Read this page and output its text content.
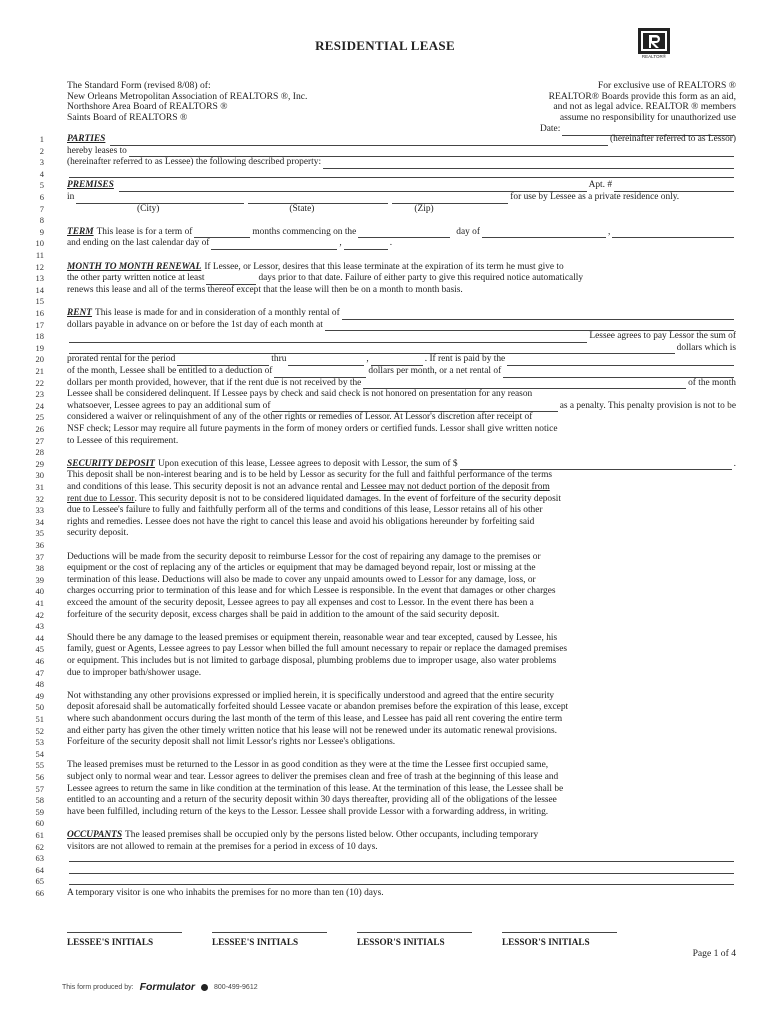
RESIDENTIAL LEASE
REALTOR®
The Standard Form (revised 8/08) of:
New Orleans Metropolitan Association of REALTORS ®, Inc.
Northshore Area Board of REALTORS ®
Saints Board of REALTORS ®
For exclusive use of REALTORS ®
REALTOR® Boards provide this form as an aid,
and not as legal advice. REALTOR ® members
assume no responsibility for unauthorized use
Date:
1 PARTIES	(hereinafter referred to as Lessor)
2 hereby leases to
3 (hereinafter referred to as Lessee) the following described property:
4
5 PREMISES	Apt. #
6 in	for use by Lessee as a private residence only.
7	(City)	(State)	(Zip)
8
9 TERM This lease is for a term of	months commencing on the	day of	,
10 and ending on the last calendar day of	,	.
11
12 MONTH TO MONTH RENEWAL If Lessee, or Lessor, desires that this lease terminate at the expiration of its term he must give to
13 the other party written notice at least	days prior to that date. Failure of either party to give this required notice automatically
14 renews this lease and all of the terms thereof except that the lease will then be on a month to month basis.
15
16 RENT This lease is made for and in consideration of a monthly rental of
17 dollars payable in advance on or before the 1st day of each month at
18	Lessee agrees to pay Lessor the sum of
19	dollars which is
20 prorated rental for the period	thru	,	. If rent is paid by the
21 of the month, Lessee shall be entitled to a deduction of	dollars per month, or a net rental of
22 dollars per month provided, however, that if the rent due is not received by the	of the month
23 Lessee shall be considered delinquent. If Lessee pays by check and said check is not honored on presentation for any reason
24 whatsoever, Lessee agrees to pay an additional sum of	as a penalty. This penalty provision is not to be
25 considered a waiver or relinquishment of any of the other rights or remedies of Lessor. At Lessor's discretion after receipt of
26 NSF check; Lessor may require all future payments in the form of money orders or certified funds. Lessor shall give written notice
27 to Lessee of this requirement.
28
29 SECURITY DEPOSIT Upon execution of this lease, Lessee agrees to deposit with Lessor, the sum of $	.
30 This deposit shall be non-interest bearing and is to be held by Lessor as security for the full and faithful performance of the terms
31 and conditions of this lease. This security deposit is not an advance rental and
Lessee may not deduct portion of the deposit from
32 rent due to Lessor . This security deposit is not to be considered liquidated damages. In the event of forfeiture of the security deposit
33 due to Lessee's failure to fully and faithfully perform all of the terms and conditions of this lease, Lessor retains all of his other
34 rights and remedies. Lessee does not have the right to cancel this lease and avoid his obligations hereunder by forfeiting said
35 security deposit.
36
37 Deductions will be made from the security deposit to reimburse Lessor for the cost of repairing any damage to the premises or
38 equipment or the cost of replacing any of the articles or equipment that may be damaged beyond repair, lost or missing at the
39 termination of this lease. Deductions will also be made to cover any unpaid amounts owed to Lessor for any damage, loss, or
40 charges occurring prior to termination of this lease and for which Lessee is responsible. In the event that damages or other charges
41 exceed the amount of the security deposit, Lessee agrees to pay all expenses and cost to Lessor. In the event there has been a
42 forfeiture of the security deposit, excess charges shall be paid in addition to the amount of the said security deposit.
43
44 Should there be any damage to the leased premises or equipment therein, reasonable wear and tear excepted, caused by Lessee, his
45 family, guest or Agents, Lessee agrees to pay Lessor when billed the full amount necessary to repair or replace the damaged premises
46 or equipment. This includes but is not limited to garbage disposal, plumbing problems due to improper usage, also water problems
47 due to improper bath/shower usage.
48
49 Not withstanding any other provisions expressed or implied herein, it is specifically understood and agreed that the entire security
50 deposit aforesaid shall be automatically forfeited should Lessee vacate or abandon premises before the expiration of this lease, except
51 where such abandonment occurs during the last month of the term of this lease, and Lessee has paid all rent covering the entire term
52 and either party has given the other timely written notice that his lease will not be renewed under its automatic renewal provisions.
53 Forfeiture of the security deposit shall not limit Lessor's rights nor Lessee's obligations.
54
55 The leased premises must be returned to the Lessor in as good condition as they were at the time the Lessee first occupied same,
56 subject only to normal wear and tear. Lessor agrees to deliver the premises clean and free of trash at the beginning of this lease and
57 Lessee agrees to return the same in like condition at the termination of this lease. At the termination of this lease, the Lessee shall be
58 entitled to an accounting and a return of the security deposit within 30 days thereafter, providing all of the obligations of the lessee
59 have been fulfilled, including return of the keys to the Lessor. Lessee shall provide Lessor with a forwarding address, in writing.
60
61 OCCUPANTS The leased premises shall be occupied only by the persons listed below. Other occupants, including temporary
62 visitors are not allowed to remain at the premises for a period in excess of 10 days.
63
64
65
66 A temporary visitor is one who inhabits the premises for no more than ten (10) days.
LESSEE'S INITIALS	LESSEE'S INITIALS	LESSOR'S INITIALS	LESSOR'S INITIALS
Page 1 of 4
This form produced by: Formulator	800-499-9612
